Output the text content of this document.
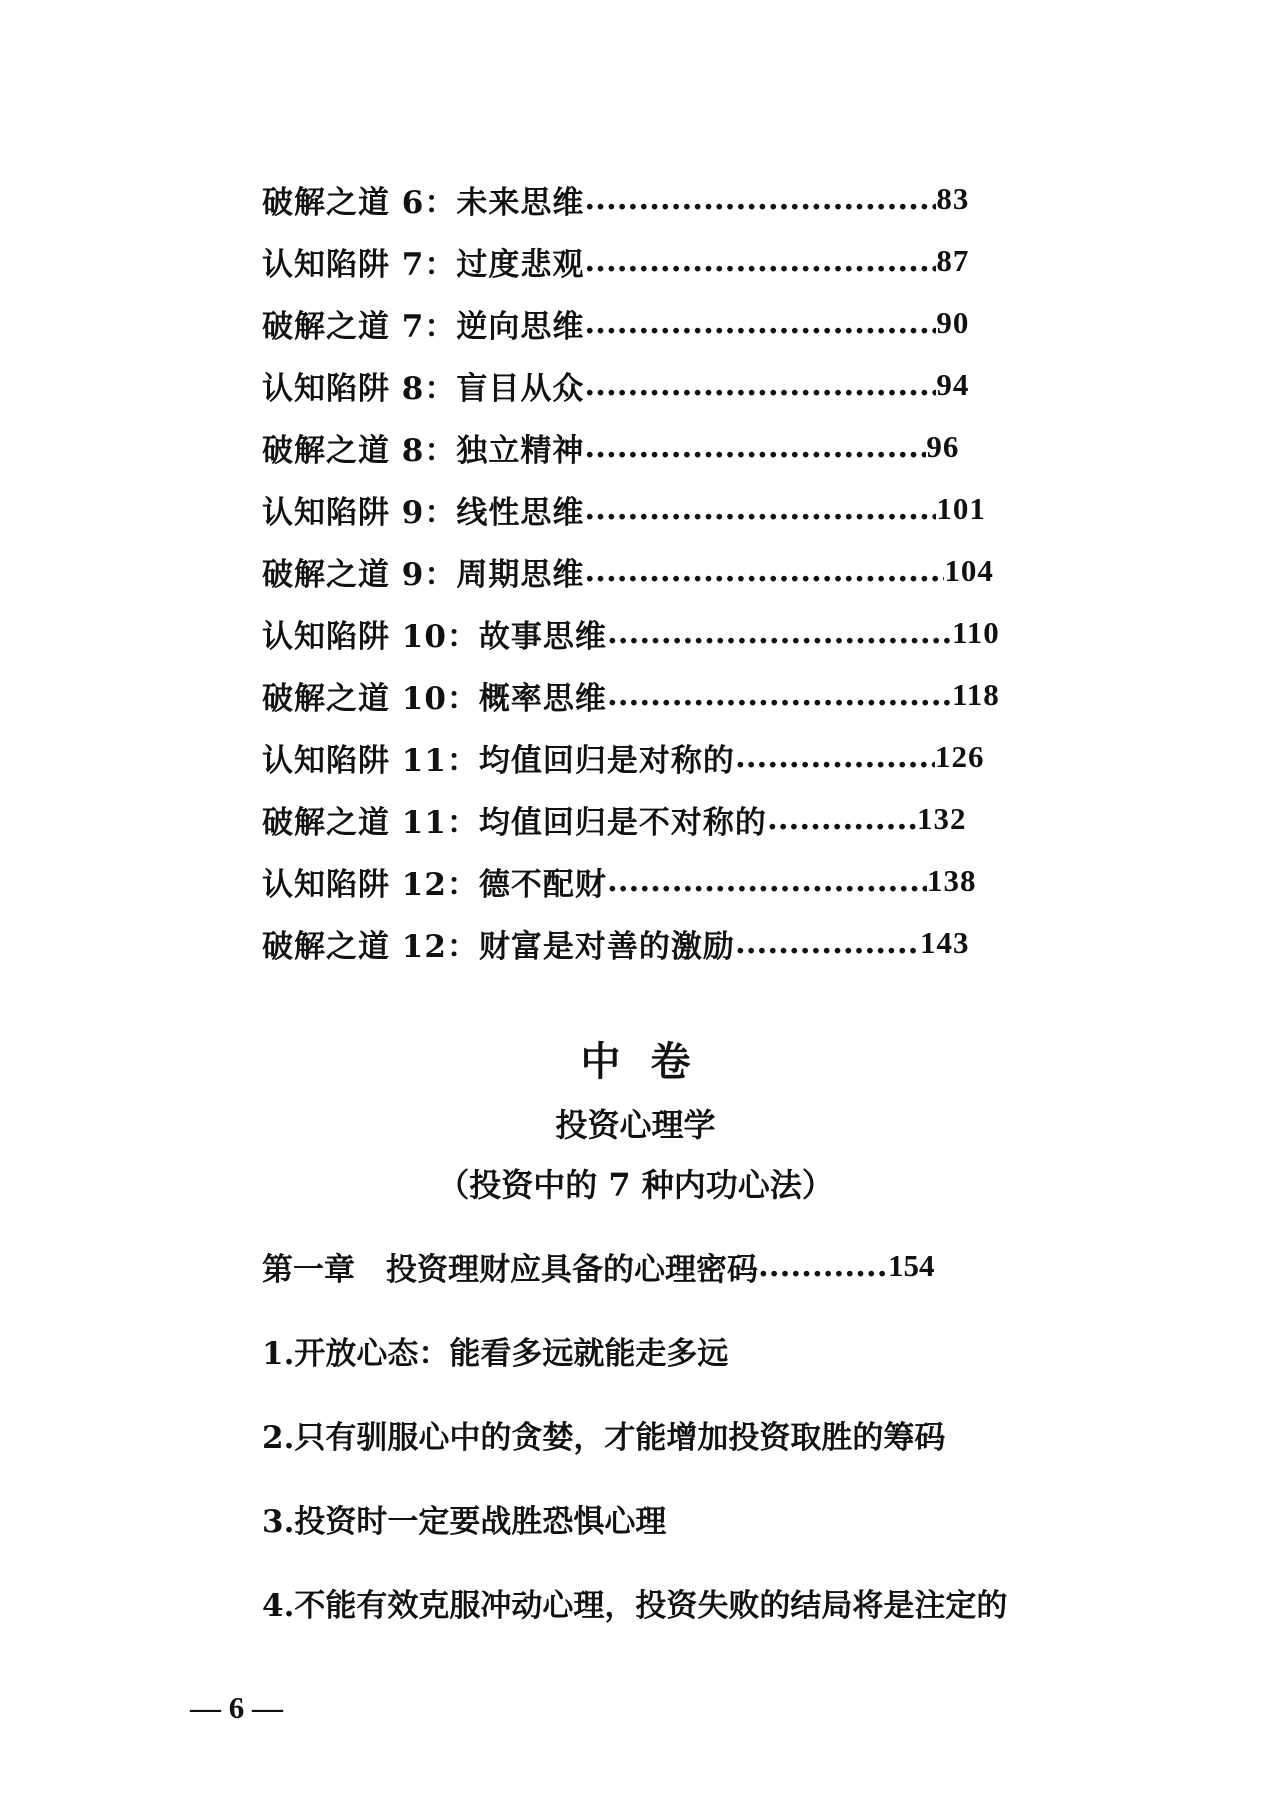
破解之道 6：未来思维 .....	83
认知陷阱 7：过度悲观 .....	87
破解之道 7：逆向思维 .....	90
认知陷阱 8：盲目从众 .....	94
破解之道 8：独立精神 .....	96
认知陷阱 9：线性思维 .....	101
破解之道 9：周期思维 .....	104
认知陷阱 10：故事思维 .....	110
破解之道 10：概率思维 .....	118
认知陷阱 11：均值回归是对称的 .....	126
破解之道 11：均值回归是不对称的 .....	132
认知陷阱 12：德不配财 .....	138
破解之道 12：财富是对善的激励 .....	143
中卷
投资心理学
（投资中的 7 种内功心法）
第一章　投资理财应具备的心理密码 .....	154
1.开放心态：能看多远就能走多远
2.只有驯服心中的贪婪，才能增加投资取胜的筹码
3.投资时一定要战胜恐惧心理
4.不能有效克服冲动心理，投资失败的结局将是注定的
— 6 —
